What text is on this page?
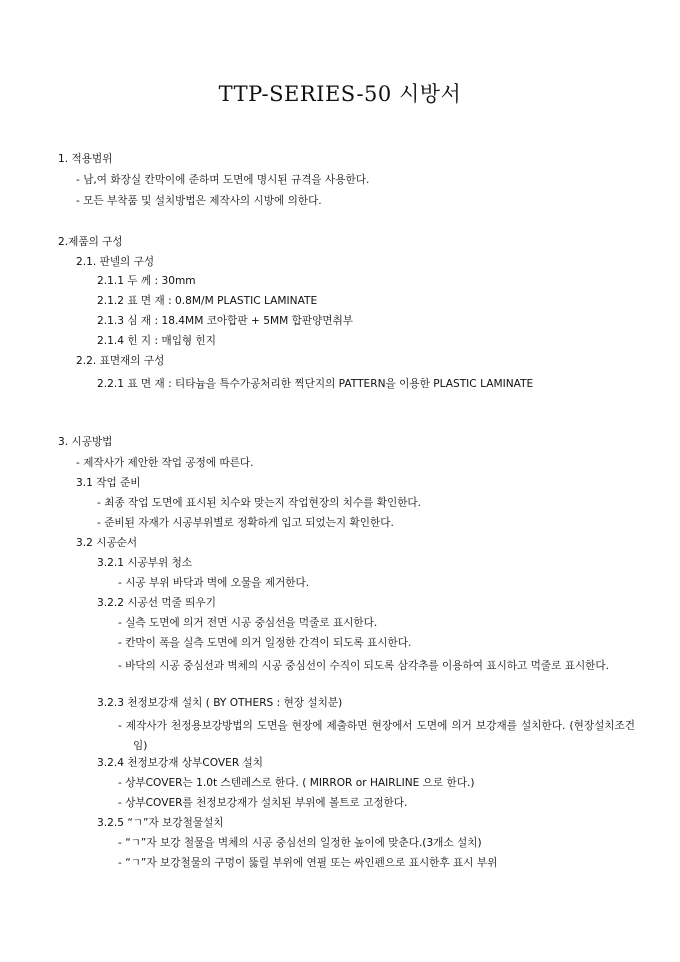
TTP-SERIES-50 시방서
1. 적용범위
- 남,여 화장실 칸막이에 준하며 도면에 명시된 규격을 사용한다.
- 모든 부착품 및 설치방법은 제작사의 시방에 의한다.
2.제품의 구성
2.1. 판넬의 구성
2.1.1 두 께 : 30mm
2.1.2 표 면 재 : 0.8M/M PLASTIC LAMINATE
2.1.3 심 재 : 18.4MM 코아합판 + 5MM 합판양면취부
2.1.4 힌 지 : 매입형 힌지
2.2. 표면재의 구성
2.2.1 표 면 재 : 티타늄을 특수가공처리한 찍단지의 PATTERN을 이용한 PLASTIC LAMINATE
3. 시공방법
- 제작사가 제안한 작업 공정에 따른다.
3.1 작업 준비
- 최종 작업 도면에 표시된 치수와 맞는지 작업현장의 치수를 확인한다.
- 준비된 자재가 시공부위별로 정확하게 입고 되었는지 확인한다.
3.2 시공순서
3.2.1 시공부위 청소
- 시공 부위 바닥과 벽에 오물을 제거한다.
3.2.2 시공선 먹줄 띄우기
- 실측 도면에 의거 전면 시공 중심선을 먹줄로 표시한다.
- 칸막이 폭을 실측 도면에 의거 일정한 간격이 되도록 표시한다.
- 바닥의 시공 중심선과 벽체의 시공 중심선이 수직이 되도록 삼각추를 이용하여 표시하고 먹줄로 표시한다.
3.2.3 천정보강재 설치 ( BY OTHERS : 현장 설치분)
- 제작사가 천정용보강방법의 도면을 현장에 제출하면 현장에서 도면에 의거 보강재를 설치한다. (현장설치조건임)
3.2.4 천정보강재 상부COVER 설치
- 상부COVER는 1.0t 스텐레스로 한다. ( MIRROR or HAIRLINE 으로 한다.)
- 상부COVER를 천정보강재가 설치된 부위에 볼트로 고정한다.
3.2.5 “ㄱ”자 보강철물설치
- “ㄱ”자 보강 철물을 벽체의 시공 중심선의 일정한 높이에 맞춘다.(3개소 설치)
- “ㄱ”자 보강철물의 구멍이 뚫릴 부위에 연필 또는 싸인펜으로 표시한후 표시 부위
